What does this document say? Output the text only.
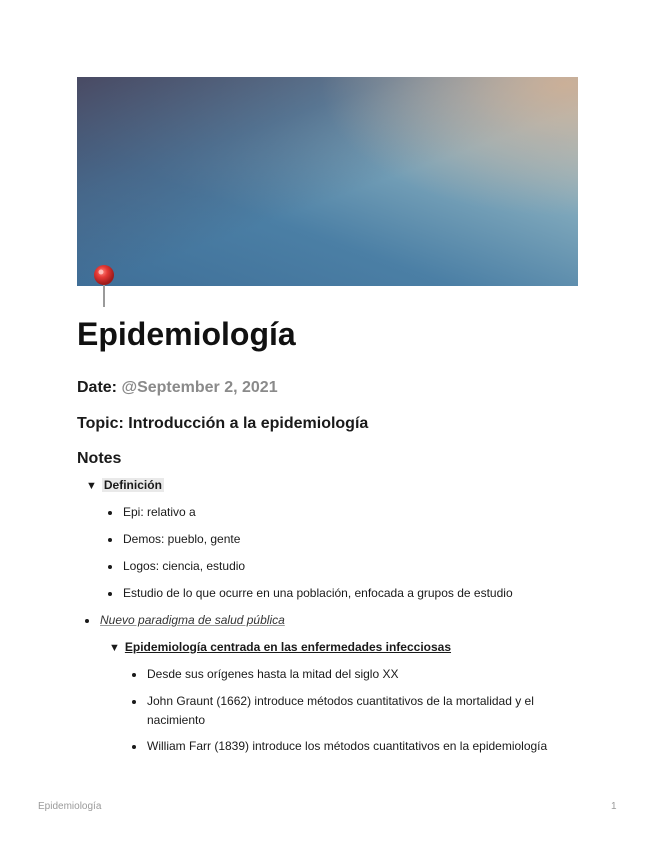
Epidemiología

Date: @September 2, 2021

Topic: Introducción a la epidemiología

Notes
▼ Definición
Epi: relativo a
Demos: pueblo, gente
Logos: ciencia, estudio
Estudio de lo que ocurre en una población, enfocada a grupos de estudio
Nuevo paradigma de salud pública
▼ Epidemiología centrada en las enfermedades infecciosas
Desde sus orígenes hasta la mitad del siglo XX
John Graunt (1662) introduce métodos cuantitativos de la mortalidad y el
nacimiento
William Farr (1839) introduce los métodos cuantitativos en la epidemiología
Epidemiología	1
